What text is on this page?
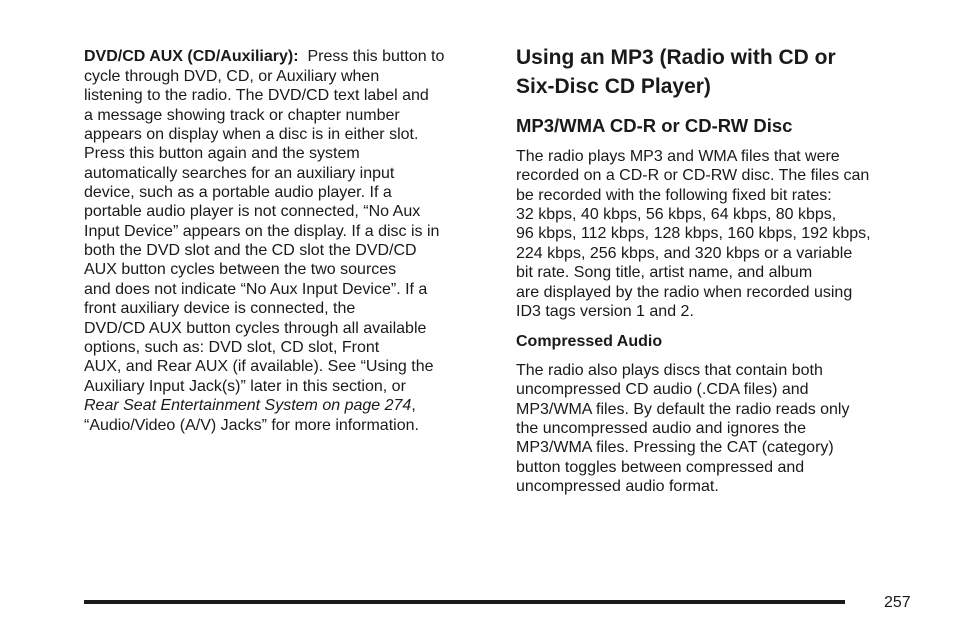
DVD/CD AUX (CD/Auxiliary): Press this button to
cycle through DVD, CD, or Auxiliary when
listening to the radio. The DVD/CD text label and
a message showing track or chapter number
appears on display when a disc is in either slot.
Press this button again and the system
automatically searches for an auxiliary input
device, such as a portable audio player. If a
portable audio player is not connected, “No Aux
Input Device” appears on the display. If a disc is in
both the DVD slot and the CD slot the DVD/CD
AUX button cycles between the two sources
and does not indicate “No Aux Input Device”. If a
front auxiliary device is connected, the
DVD/CD AUX button cycles through all available
options, such as: DVD slot, CD slot, Front
AUX, and Rear AUX (if available). See “Using the
Auxiliary Input Jack(s)” later in this section, or
Rear Seat Entertainment System on page 274,
“Audio/Video (A/V) Jacks” for more information.
Using an MP3 (Radio with CD or
Six-Disc CD Player)
MP3/WMA CD-R or CD-RW Disc
The radio plays MP3 and WMA files that were
recorded on a CD-R or CD-RW disc. The files can
be recorded with the following fixed bit rates:
32 kbps, 40 kbps, 56 kbps, 64 kbps, 80 kbps,
96 kbps, 112 kbps, 128 kbps, 160 kbps, 192 kbps,
224 kbps, 256 kbps, and 320 kbps or a variable
bit rate. Song title, artist name, and album
are displayed by the radio when recorded using
ID3 tags version 1 and 2.
Compressed Audio
The radio also plays discs that contain both
uncompressed CD audio (.CDA files) and
MP3/WMA files. By default the radio reads only
the uncompressed audio and ignores the
MP3/WMA files. Pressing the CAT (category)
button toggles between compressed and
uncompressed audio format.
257
